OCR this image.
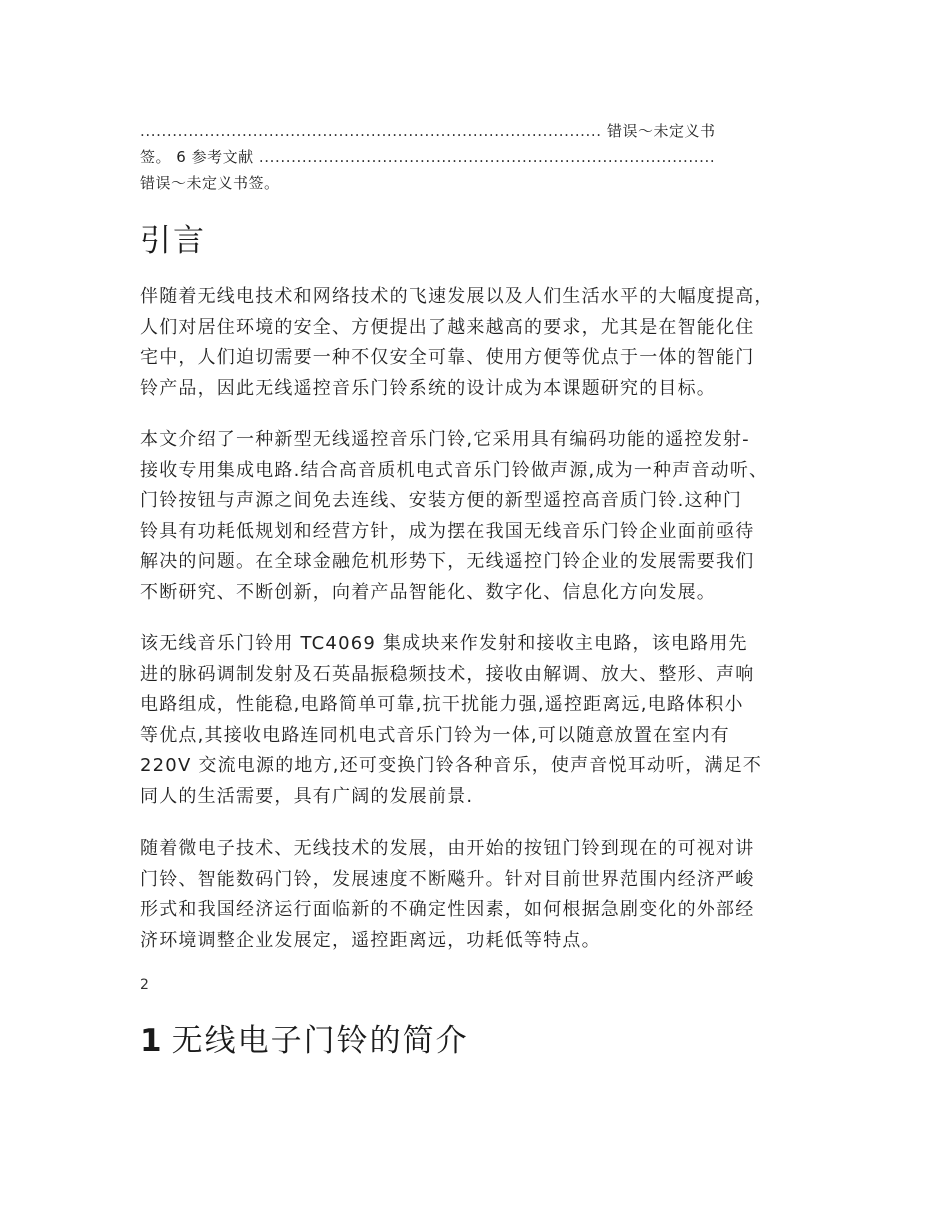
...................................................................................... 错误～未定义书
签。 6 参考文献 .....................................................................................
错误～未定义书签。
引言

伴随着无线电技术和网络技术的飞速发展以及人们生活水平的大幅度提高，
人们对居住环境的安全、方便提出了越来越高的要求，尤其是在智能化住
宅中，人们迫切需要一种不仅安全可靠、使用方便等优点于一体的智能门
铃产品，因此无线遥控音乐门铃系统的设计成为本课题研究的目标。

本文介绍了一种新型无线遥控音乐门铃,它采用具有编码功能的遥控发射-
接收专用集成电路.结合高音质机电式音乐门铃做声源,成为一种声音动听、
门铃按钮与声源之间免去连线、安装方便的新型遥控高音质门铃.这种门
铃具有功耗低规划和经营方针，成为摆在我国无线音乐门铃企业面前亟待
解决的问题。在全球金融危机形势下，无线遥控门铃企业的发展需要我们
不断研究、不断创新，向着产品智能化、数字化、信息化方向发展。

该无线音乐门铃用 TC4069 集成块来作发射和接收主电路，该电路用先
进的脉码调制发射及石英晶振稳频技术，接收由解调、放大、整形、声响
电路组成，性能稳,电路简单可靠,抗干扰能力强,遥控距离远,电路体积小
等优点,其接收电路连同机电式音乐门铃为一体,可以随意放置在室内有
220V 交流电源的地方,还可变换门铃各种音乐，使声音悦耳动听，满足不
同人的生活需要，具有广阔的发展前景.

随着微电子技术、无线技术的发展，由开始的按钮门铃到现在的可视对讲
门铃、智能数码门铃，发展速度不断飚升。针对目前世界范围内经济严峻
形式和我国经济运行面临新的不确定性因素，如何根据急剧变化的外部经
济环境调整企业发展定，遥控距离远，功耗低等特点。

2
1 无线电子门铃的简介
